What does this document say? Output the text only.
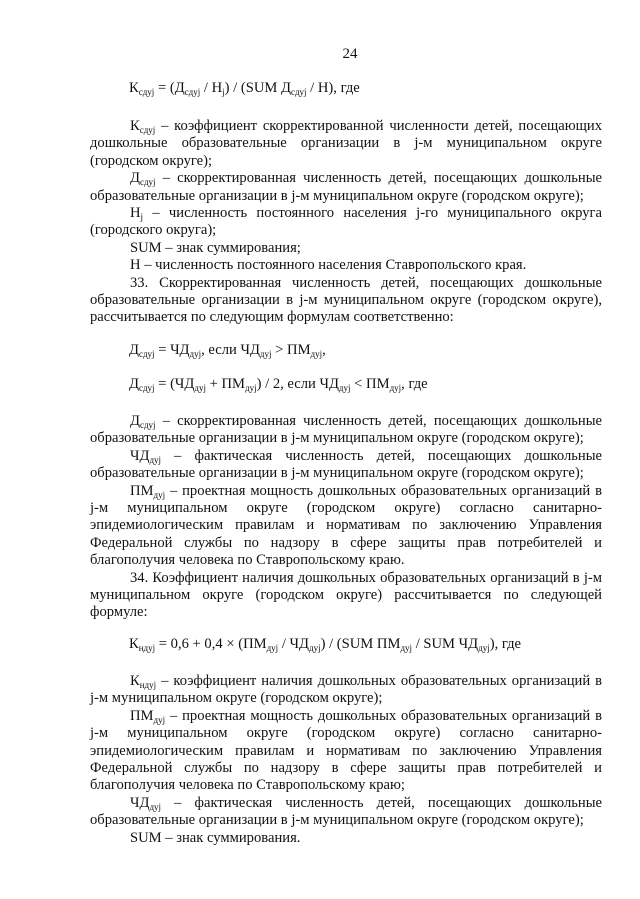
24
$К_{сдуj} = (Д_{сдуj} / Н_j) / (SUM$ $Д_{сдуj} / Н$), где

$К_{сдуj}$ – коэффициент скорректированной численности детей, посещающих дошкольные образовательные организации в j-м муниципальном округе (городском округе);

$Д_{сдуj}$ – скорректированная численность детей, посещающих дошкольные образовательные организации в j-м муниципальном округе (городском округе);

$Н_j$ – численность постоянного населения j-го муниципального округа (городского округа);

SUM – знак суммирования;

Н – численность постоянного населения Ставропольского края.

33. Скорректированная численность детей, посещающих дошкольные образовательные организации в j-м муниципальном округе (городском округе), рассчитывается по следующим формулам соответственно:

$Д_{сдуj} = ЧД_{дуj}$, если $ЧД_{дуj} > ПМ_{дуj}$,
$Д_{сдуj} = (ЧД_{дуj} + ПМ_{дуj}) / 2$, если $ЧД_{дуj} < ПМ_{дуj}$, где

$Д_{сдуj}$ – скорректированная численность детей, посещающих дошкольные образовательные организации в j-м муниципальном округе (городском округе);

$ЧД_{дуj}$ – фактическая численность детей, посещающих дошкольные образовательные организации в j-м муниципальном округе (городском округе);

$ПМ_{дуj}$ – проектная мощность дошкольных образовательных организаций в j-м муниципальном округе (городском округе) согласно санитарно-эпидемиологическим правилам и нормативам по заключению Управления Федеральной службы по надзору в сфере защиты прав потребителей и благополучия человека по Ставропольскому краю.

34. Коэффициент наличия дошкольных образовательных организаций в j-м муниципальном округе (городском округе) рассчитывается по следующей формуле:

$К_{ндуj} = 0,6 + 0,4 \times (ПМ_{дуj} / ЧД_{дуj}) / (SUM$ $ПМ_{дуj}$ / SUM $ЧД_{дуj}$), где

$К_{ндуj}$ – коэффициент наличия дошкольных образовательных организаций в j-м муниципальном округе (городском округе);

$ПМ_{дуj}$ – проектная мощность дошкольных образовательных организаций в j-м муниципальном округе (городском округе) согласно санитарно-эпидемиологическим правилам и нормативам по заключению Управления Федеральной службы по надзору в сфере защиты прав потребителей и благополучия человека по Ставропольскому краю;

$ЧД_{дуj}$ – фактическая численность детей, посещающих дошкольные образовательные организации в j-м муниципальном округе (городском округе);

SUM – знак суммирования.
